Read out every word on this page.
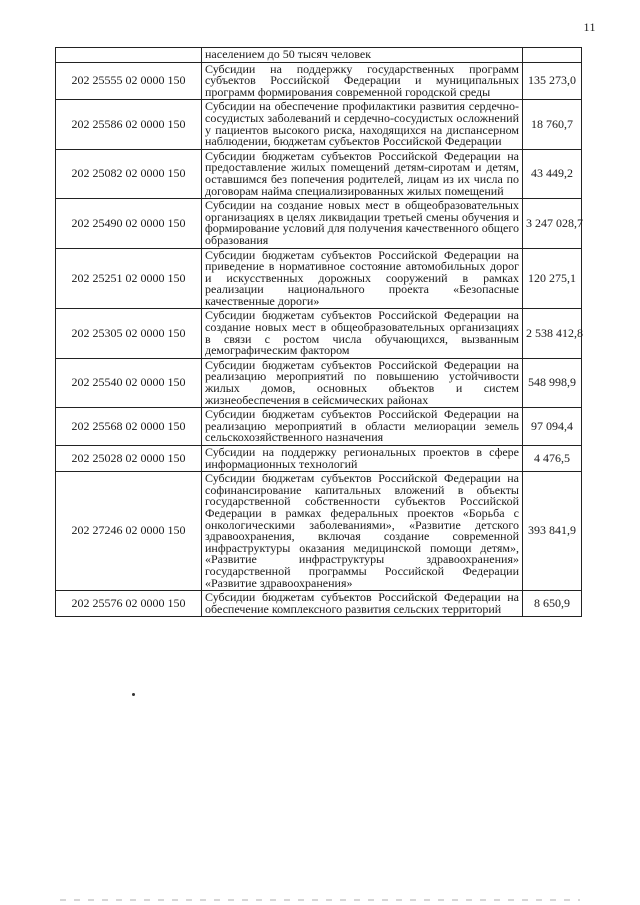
11
	населением до 50 тысяч человек	
202 25555 02 0000 150	Субсидии на поддержку государственных программ субъектов Российской Федерации и муниципальных программ формирования современной городской среды	135 273,0
202 25586 02 0000 150	Субсидии на обеспечение профилактики развития сердечно-сосудистых заболеваний и сердечно-сосудистых осложнений у пациентов высокого риска, находящихся на диспансерном наблюдении, бюджетам субъектов Российской Федерации	18 760,7
202 25082 02 0000 150	Субсидии бюджетам субъектов Российской Федерации на предоставление жилых помещений детям-сиротам и детям, оставшимся без попечения родителей, лицам из их числа по договорам найма специализированных жилых помещений	43 449,2
202 25490 02 0000 150	Субсидии на создание новых мест в общеобразовательных организациях в целях ликвидации третьей смены обучения и формирование условий для получения качественного общего образования	3 247 028,7
202 25251 02 0000 150	Субсидии бюджетам субъектов Российской Федерации на приведение в нормативное состояние автомобильных дорог и искусственных дорожных сооружений в рамках реализации национального проекта «Безопасные качественные дороги»	120 275,1
202 25305 02 0000 150	Субсидии бюджетам субъектов Российской Федерации на создание новых мест в общеобразовательных организациях в связи с ростом числа обучающихся, вызванным демографическим фактором	2 538 412,8
202 25540 02 0000 150	Субсидии бюджетам субъектов Российской Федерации на реализацию мероприятий по повышению устойчивости жилых домов, основных объектов и систем жизнеобеспечения в сейсмических районах	548 998,9
202 25568 02 0000 150	Субсидии бюджетам субъектов Российской Федерации на реализацию мероприятий в области мелиорации земель сельскохозяйственного назначения	97 094,4
202 25028 02 0000 150	Субсидии на поддержку региональных проектов в сфере информационных технологий	4 476,5
202 27246 02 0000 150	Субсидии бюджетам субъектов Российской Федерации на софинансирование капитальных вложений в объекты государственной собственности субъектов Российской Федерации в рамках федеральных проектов «Борьба с онкологическими заболеваниями», «Развитие детского здравоохранения, включая создание современной инфраструктуры оказания медицинской помощи детям», «Развитие инфраструктуры здравоохранения» государственной программы Российской Федерации «Развитие здравоохранения»	393 841,9
202 25576 02 0000 150	Субсидии бюджетам субъектов Российской Федерации на обеспечение комплексного развития сельских территорий	8 650,9
